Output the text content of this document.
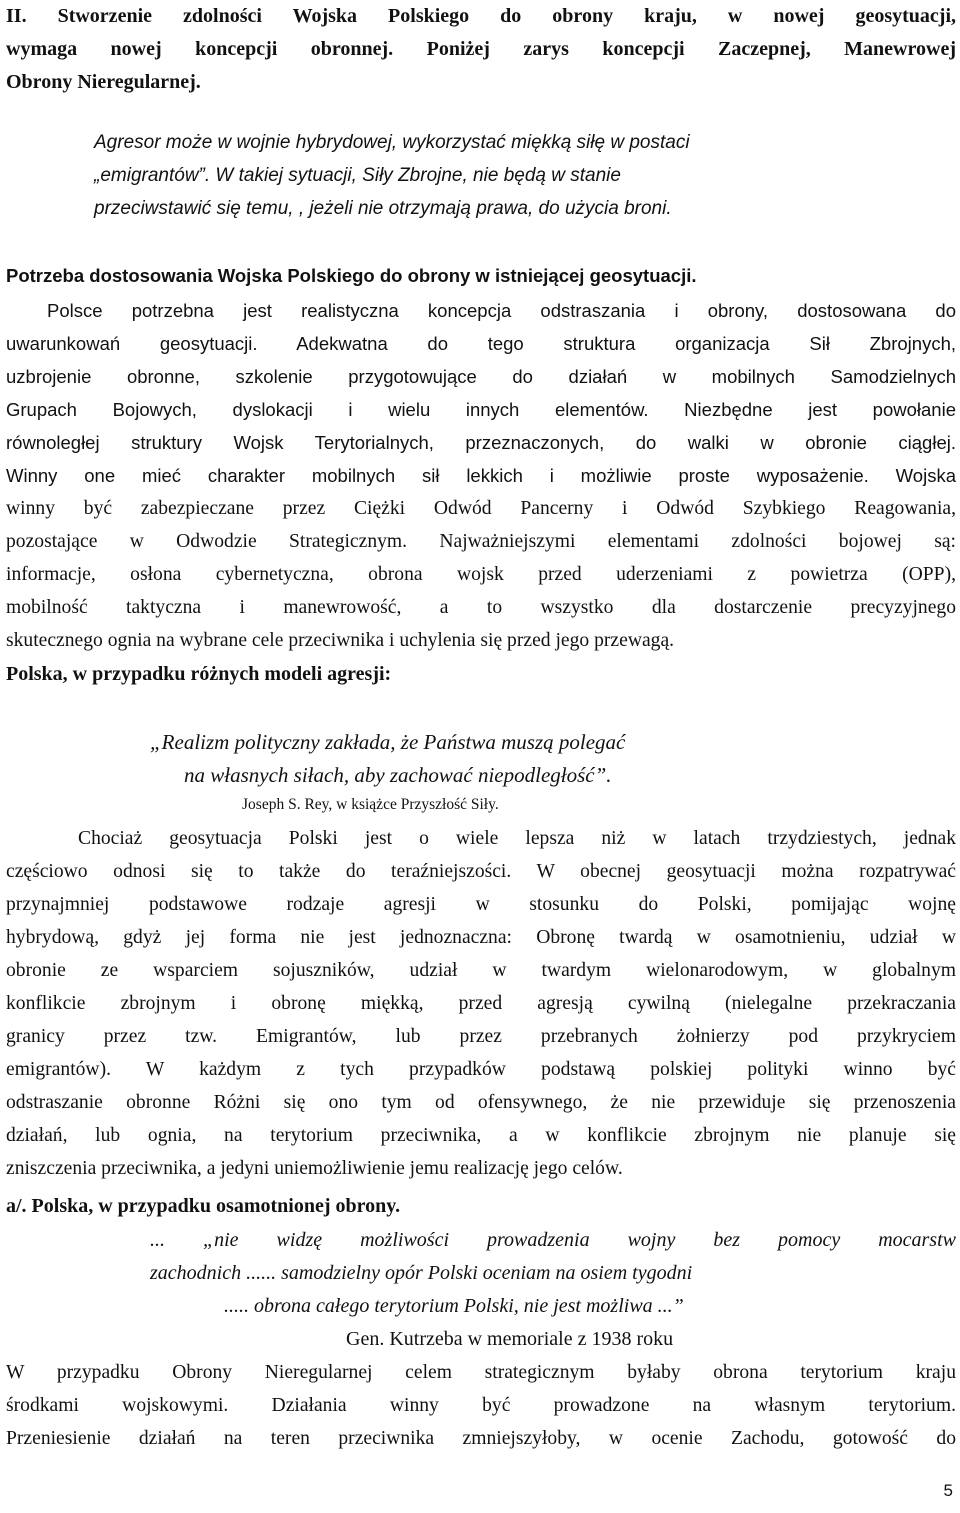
II. Stworzenie zdolności Wojska Polskiego do obrony kraju, w nowej geosytuacji,
wymaga nowej koncepcji obronnej. Poniżej zarys koncepcji Zaczepnej, Manewrowej
Obrony Nieregularnej.
Agresor może w wojnie hybrydowej, wykorzystać miękką siłę w postaci
„emigrantów”. W takiej sytuacji, Siły Zbrojne, nie będą w stanie
przeciwstawić się temu, , jeżeli nie otrzymają prawa, do użycia broni.
Potrzeba dostosowania Wojska Polskiego do obrony w istniejącej geosytuacji.
Polsce potrzebna jest realistyczna koncepcja odstraszania i obrony, dostosowana do
uwarunkowań geosytuacji. Adekwatna do tego struktura organizacja Sił Zbrojnych,
uzbrojenie obronne, szkolenie przygotowujące do działań w mobilnych Samodzielnych
Grupach Bojowych, dyslokacji i wielu innych elementów. Niezbędne jest powołanie
równoległej struktury Wojsk Terytorialnych, przeznaczonych, do walki w obronie ciągłej.
Winny one mieć charakter mobilnych sił lekkich i możliwie proste wyposażenie. Wojska
winny być zabezpieczane przez Ciężki Odwód Pancerny i Odwód Szybkiego Reagowania,
pozostające w Odwodzie Strategicznym. Najważniejszymi elementami zdolności bojowej są:
informacje, osłona cybernetyczna, obrona wojsk przed uderzeniami z powietrza (OPP),
mobilność taktyczna i manewrowość, a to wszystko dla dostarczenie precyzyjnego
skutecznego ognia na wybrane cele przeciwnika i uchylenia się przed jego przewagą.
Polska, w przypadku różnych modeli agresji:
„Realizm polityczny zakłada, że Państwa muszą polegać
na własnych siłach, aby zachować niepodległość”.
Joseph S. Rey, w książce Przyszłość Siły.
Chociaż geosytuacja Polski jest o wiele lepsza niż w latach trzydziestych, jednak
częściowo odnosi się to także do teraźniejszości. W obecnej geosytuacji można rozpatrywać
przynajmniej podstawowe rodzaje agresji w stosunku do Polski, pomijając wojnę
hybrydową, gdyż jej forma nie jest jednoznaczna: Obronę twardą w osamotnieniu, udział w
obronie ze wsparciem sojuszników, udział w twardym wielonarodowym, w globalnym
konflikcie zbrojnym i obronę miękką, przed agresją cywilną (nielegalne przekraczania
granicy przez tzw. Emigrantów, lub przez przebranych żołnierzy pod przykryciem
emigrantów). W każdym z tych przypadków podstawą polskiej polityki winno być
odstraszanie obronne Różni się ono tym od ofensywnego, że nie przewiduje się przenoszenia
działań, lub ognia, na terytorium przeciwnika, a w konflikcie zbrojnym nie planuje się
zniszczenia przeciwnika, a jedyni uniemożliwienie jemu realizację jego celów.
a/. Polska, w przypadku osamotnionej obrony.
... „nie widzę możliwości prowadzenia wojny bez pomocy mocarstw
zachodnich ...... samodzielny opór Polski oceniam na osiem tygodni
..... obrona całego terytorium Polski, nie jest możliwa ...”
Gen. Kutrzeba w memoriale z 1938 roku
W przypadku Obrony Nieregularnej celem strategicznym byłaby obrona terytorium kraju
środkami wojskowymi. Działania winny być prowadzone na własnym terytorium.
Przeniesienie działań na teren przeciwnika zmniejszyłoby, w ocenie Zachodu, gotowość do
5
